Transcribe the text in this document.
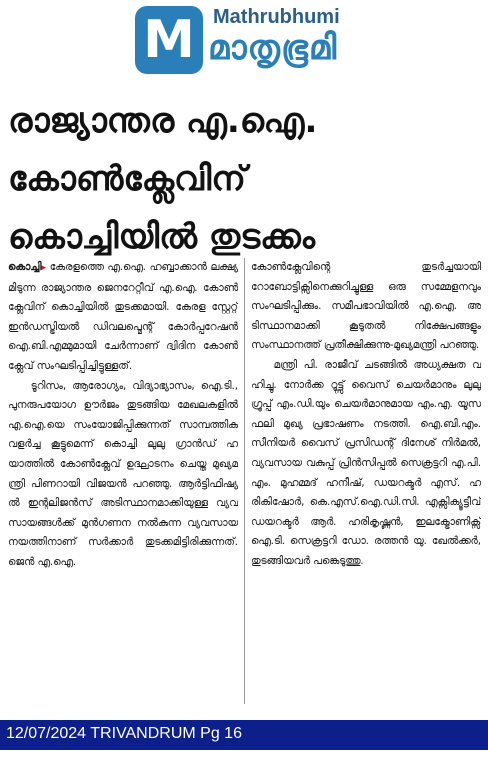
M Mathrubhumi
മാതൃഭൂമി
രാജ്യാന്തര എ.ഐ.
കോൺക്ലേവിന്
കൊച്ചിയിൽ തുടക്കം

കൊച്ചി▸ കേരളത്തെ എ.ഐ. ഹബ്ബാക്കാൻ ലക്ഷ്യമിടുന്ന രാജ്യാന്തര ജെനറേറ്റീവ് എ.ഐ. കോൺക്ലേവിന് കൊച്ചിയിൽ തുടക്കമായി. കേരള സ്റ്റേറ്റ് ഇൻഡസ്ട്രിയൽ ഡിവലപ്മെന്റ് കോർപ്പറേഷൻ ഐ.ബി.എമ്മുമായി ചേർന്നാണ് ദ്വിദിന കോൺക്ലേവ് സംഘടിപ്പിച്ചിട്ടുള്ളത്.

ടൂറിസം, ആരോഗ്യം, വിദ്യാഭ്യാസം, ഐ.ടി., പുനരുപയോഗ ഊർജം തുടങ്ങിയ മേഖലകളിൽ എ.ഐ.യെ സംയോജിപ്പിക്കുന്നത് സാമ്പത്തിക വളർച്ച കൂട്ടുമെന്ന് കൊച്ചി ലുലു ഗ്രാൻഡ് ഹയാത്തിൽ കോൺക്ലേവ് ഉദ്ഘാടനം ചെയ്ത മുഖ്യമന്ത്രി പിണറായി വിജയൻ പറഞ്ഞു. ആർട്ടിഫിഷ്യൽ ഇന്റലിജൻസ് അടിസ്ഥാനമാക്കിയുള്ള വ്യവസായങ്ങൾക്ക് മുൻഗണന നൽകുന്ന വ്യവസായ നയത്തിനാണ് സർക്കാർ തുടക്കമിട്ടിരിക്കുന്നത്. ജെൻ എ.ഐ.

കോൺക്ലേവിന്റെ തുടർച്ചയായി റോബോട്ടിക്സിനെക്കുറിച്ചുള്ള ഒരു സമ്മേളനവും സംഘടിപ്പിക്കും. സമീപഭാവിയിൽ എ.ഐ. അടിസ്ഥാനമാക്കി കൂടുതൽ നിക്ഷേപങ്ങളും സംസ്ഥാനത്ത് പ്രതീക്ഷിക്കുന്നു-മുഖ്യമന്ത്രി പറഞ്ഞു.

മന്ത്രി പി. രാജീവ് ചടങ്ങിൽ അധ്യക്ഷത വഹിച്ചു. നോർക്ക റൂട്ട്സ് വൈസ് ചെയർമാനും ലുലു ഗ്രൂപ്പ് എം.ഡി.യും ചെയർമാനുമായ എം.എ. യൂസഫലി മുഖ്യ പ്രഭാഷണം നടത്തി. ഐ.ബി.എം. സീനിയർ വൈസ് പ്രസിഡന്റ് ദിനേശ് നിർമൽ, വ്യവസായ വകുപ്പ് പ്രിൻസിപ്പൽ സെക്രട്ടറി എ.പി.എം. മുഹമ്മദ് ഹനീഷ്, ഡയറക്ടർ എസ്. ഹരികിഷോർ, കെ.എസ്.ഐ.ഡി.സി. എക്സിക്യൂട്ടീവ് ഡയറക്ടർ ആർ. ഹരികൃഷ്ണൻ, ഇലക്ട്രോണിക്സ് ഐ.ടി. സെക്രട്ടറി ഡോ. രത്തൻ യു. ഖേൽക്കർ, തുടങ്ങിയവർ പങ്കെടുത്തു.

12/07/2024 TRIVANDRUM Pg 16
